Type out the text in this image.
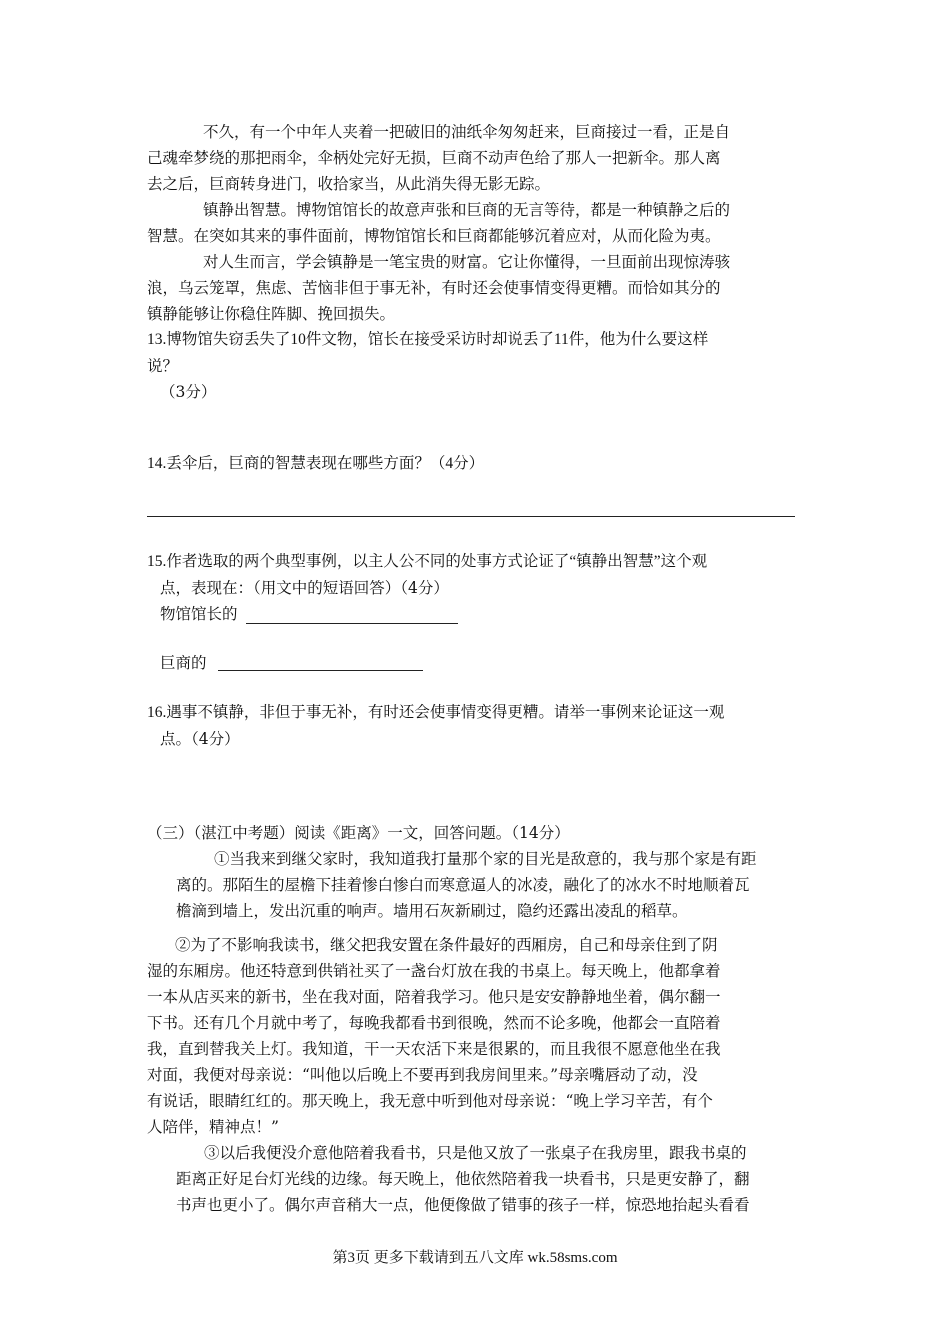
不久，有一个中年人夹着一把破旧的油纸伞匆匆赶来，巨商接过一看，正是自
己魂牵梦绕的那把雨伞，伞柄处完好无损，巨商不动声色给了那人一把新伞。那人离
去之后，巨商转身进门，收拾家当，从此消失得无影无踪。
镇静出智慧。博物馆馆长的故意声张和巨商的无言等待，都是一种镇静之后的
智慧。在突如其来的事件面前，博物馆馆长和巨商都能够沉着应对，从而化险为夷。
对人生而言，学会镇静是一笔宝贵的财富。它让你懂得，一旦面前出现惊涛骇
浪，乌云笼罩，焦虑、苦恼非但于事无补，有时还会使事情变得更糟。而恰如其分的
镇静能够让你稳住阵脚、挽回损失。
13.博物馆失窃丢失了10件文物，馆长在接受采访时却说丢了11件，他为什么要这样
说？
（3分）
14.丢伞后，巨商的智慧表现在哪些方面？（4分）
15.作者选取的两个典型事例，以主人公不同的处事方式论证了“镇静出智慧”这个观
点，表现在：（用文中的短语回答）（4分）
物馆馆长的
巨商的
16.遇事不镇静，非但于事无补，有时还会使事情变得更糟。请举一事例来论证这一观
点。（4分）
（三）（湛江中考题）阅读《距离》一文，回答问题。（14分）
①当我来到继父家时，我知道我打量那个家的目光是敌意的，我与那个家是有距
离的。那陌生的屋檐下挂着惨白惨白而寒意逼人的冰凌，融化了的冰水不时地顺着瓦
檐滴到墙上，发出沉重的响声。墙用石灰新刷过，隐约还露出凌乱的稻草。
②为了不影响我读书，继父把我安置在条件最好的西厢房，自己和母亲住到了阴
湿的东厢房。他还特意到供销社买了一盏台灯放在我的书桌上。每天晚上，他都拿着
一本从店买来的新书，坐在我对面，陪着我学习。他只是安安静静地坐着，偶尔翻一
下书。还有几个月就中考了，每晚我都看书到很晚，然而不论多晚，他都会一直陪着
我，直到替我关上灯。我知道，干一天农活下来是很累的，而且我很不愿意他坐在我
对面，我便对母亲说：“叫他以后晚上不要再到我房间里来。”母亲嘴唇动了动，没
有说话，眼睛红红的。那天晚上，我无意中听到他对母亲说：“晚上学习辛苦，有个
人陪伴，精神点！”
③以后我便没介意他陪着我看书，只是他又放了一张桌子在我房里，跟我书桌的
距离正好足台灯光线的边缘。每天晚上，他依然陪着我一块看书，只是更安静了，翻
书声也更小了。偶尔声音稍大一点，他便像做了错事的孩子一样，惊恐地抬起头看看
第3页 更多下载请到五八文库 wk.58sms.com
